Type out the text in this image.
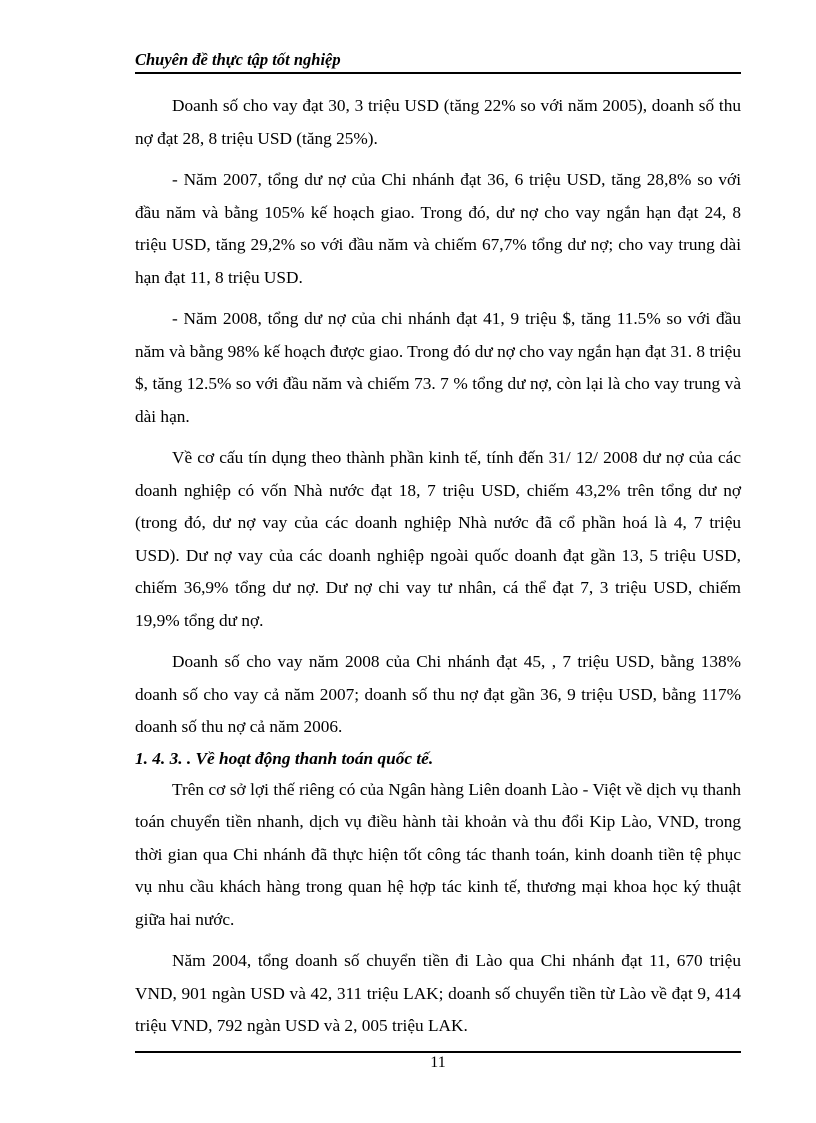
Chuyên đề thực tập tốt nghiệp

Doanh số cho vay đạt 30, 3 triệu USD (tăng 22% so với năm 2005), doanh số thu nợ đạt 28, 8 triệu USD (tăng 25%).

- Năm 2007, tổng dư nợ của Chi nhánh đạt 36, 6 triệu USD, tăng 28,8% so với đầu năm và bằng 105% kế hoạch giao. Trong đó, dư nợ cho vay ngắn hạn đạt 24, 8 triệu USD, tăng 29,2% so với đầu năm và chiếm 67,7% tổng dư nợ; cho vay trung dài hạn đạt 11, 8 triệu USD.

- Năm 2008, tổng dư nợ của chi nhánh đạt 41, 9 triệu $, tăng 11.5% so với đầu năm và bằng 98% kế hoạch được giao. Trong đó dư nợ cho vay ngắn hạn đạt 31. 8 triệu $, tăng 12.5% so với đầu năm và chiếm 73. 7 % tổng dư nợ, còn lại là cho vay trung và dài hạn.

Về cơ cấu tín dụng theo thành phần kinh tế, tính đến 31/ 12/ 2008 dư nợ của các doanh nghiệp có vốn Nhà nước đạt 18, 7 triệu USD, chiếm 43,2% trên tổng dư nợ (trong đó, dư nợ vay của các doanh nghiệp Nhà nước đã cổ phần hoá là 4, 7 triệu USD). Dư nợ vay của các doanh nghiệp ngoài quốc doanh đạt gần 13, 5 triệu USD, chiếm 36,9% tổng dư nợ. Dư nợ chi vay tư nhân, cá thể đạt 7, 3 triệu USD, chiếm 19,9% tổng dư nợ.

Doanh số cho vay năm 2008 của Chi nhánh đạt 45, , 7 triệu USD, bằng 138% doanh số cho vay cả năm 2007; doanh số thu nợ đạt gần 36, 9 triệu USD, bằng 117% doanh số thu nợ cả năm 2006.

1. 4. 3. . Về hoạt động thanh toán quốc tế.

Trên cơ sở lợi thế riêng có của Ngân hàng Liên doanh Lào - Việt về dịch vụ thanh toán chuyển tiền nhanh, dịch vụ điều hành tài khoản và thu đổi Kip Lào, VND, trong thời gian qua Chi nhánh đã thực hiện tốt công tác thanh toán, kinh doanh tiền tệ phục vụ nhu cầu khách hàng trong quan hệ hợp tác kinh tế, thương mại khoa học ký thuật giữa hai nước.

Năm 2004, tổng doanh số chuyển tiền đi Lào qua Chi nhánh đạt 11, 670 triệu VND, 901 ngàn USD và 42, 311 triệu LAK; doanh số chuyển tiền từ Lào về đạt 9, 414 triệu VND, 792 ngàn USD và 2, 005 triệu LAK.

11
